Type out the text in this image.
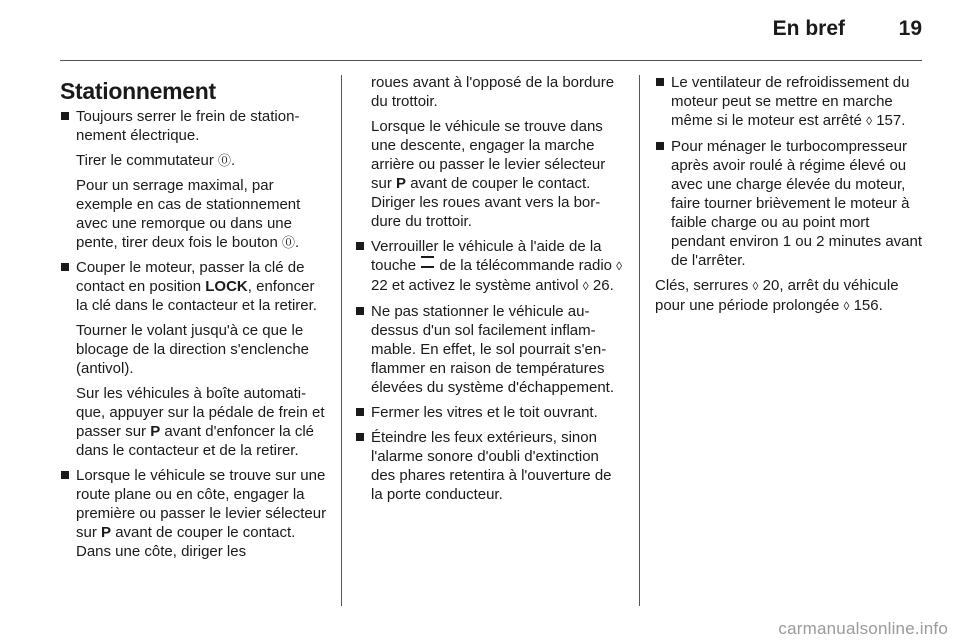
En bref	19
Stationnement

Toujours serrer le frein de stationnement électrique.

Tirer le commutateur ⓪.

Pour un serrage maximal, par exemple en cas de stationnement avec une remorque ou dans une pente, tirer deux fois le bouton ⓪.

Couper le moteur, passer la clé de contact en position LOCK, enfoncer la clé dans le contacteur et la retirer.

Tourner le volant jusqu'à ce que le blocage de la direction s'enclenche (antivol).

Sur les véhicules à boîte automatique, appuyer sur la pédale de frein et passer sur P avant d'enfoncer la clé dans le contacteur et de la retirer.

Lorsque le véhicule se trouve sur une route plane ou en côte, engager la première ou passer le levier sélecteur sur P avant de couper le contact. Dans une côte, diriger les

roues avant à l'opposé de la bordure du trottoir.

Lorsque le véhicule se trouve dans une descente, engager la marche arrière ou passer le levier sélecteur sur P avant de couper le contact. Diriger les roues avant vers la bordure du trottoir.

Verrouiller le véhicule à l'aide de la touche  de la télécommande radio ◊ 22 et activez le système antivol ◊ 26.

Ne pas stationner le véhicule au-dessus d'un sol facilement inflammable. En effet, le sol pourrait s'enflammer en raison de températures élevées du système d'échappement.

Fermer les vitres et le toit ouvrant.

Éteindre les feux extérieurs, sinon l'alarme sonore d'oubli d'extinction des phares retentira à l'ouverture de la porte conducteur.

Le ventilateur de refroidissement du moteur peut se mettre en marche même si le moteur est arrêté ◊ 157.

Pour ménager le turbocompresseur après avoir roulé à régime élevé ou avec une charge élevée du moteur, faire tourner brièvement le moteur à faible charge ou au point mort pendant environ 1 ou 2 minutes avant de l'arrêter.

Clés, serrures ◊ 20, arrêt du véhicule pour une période prolongée ◊ 156.

carmanualsonline.info
